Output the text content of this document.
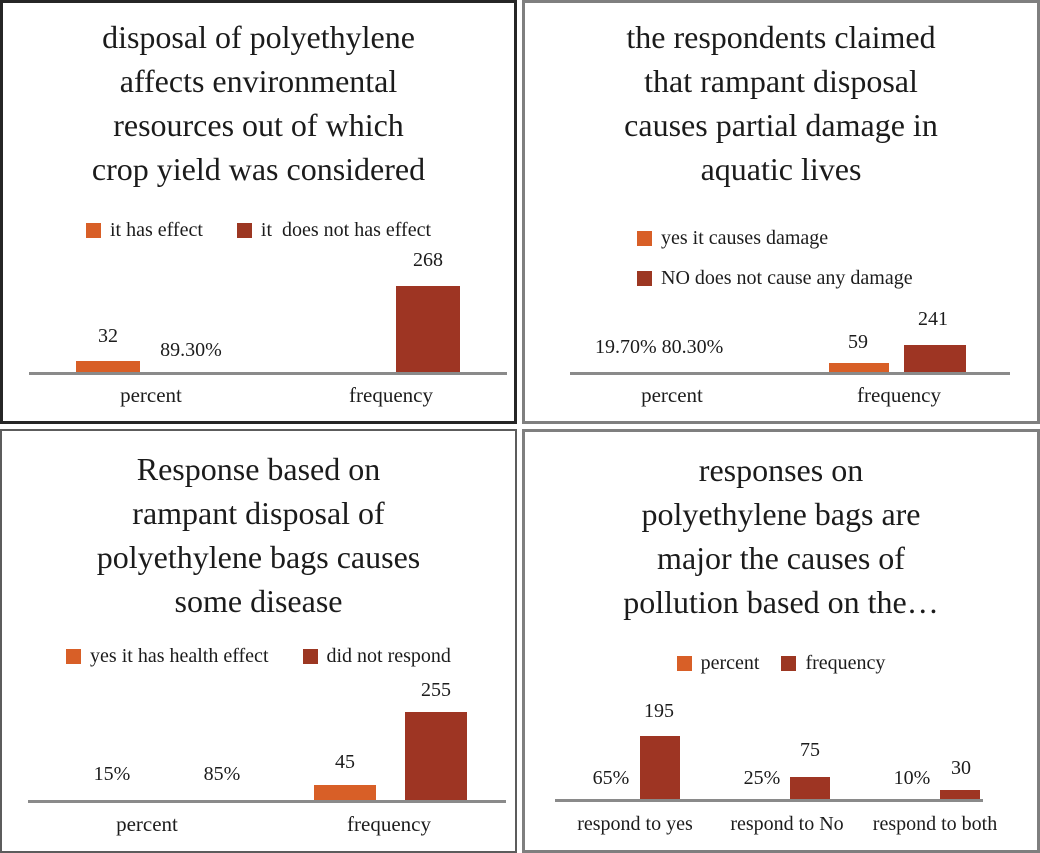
disposal of polyethylene
affects environmental
resources out of which
crop yield was considered
it has effect	it  does not has effect
32
89.30%
268
percent	frequency
the respondents claimed
that rampant disposal
causes partial damage in
aquatic lives
yes it causes damage
NO does not cause any damage
19.70% 80.30%	59
241
percent	frequency
Response based on
rampant disposal of
polyethylene bags causes
some disease
yes it has health effect	did not respond
15%	85%
45
255
percent	frequency
responses on
polyethylene bags are
major the causes of
pollution based on the…
percent frequency
195
75
30
65%	25%	10%
respond to yes	respond to No	respond to both
